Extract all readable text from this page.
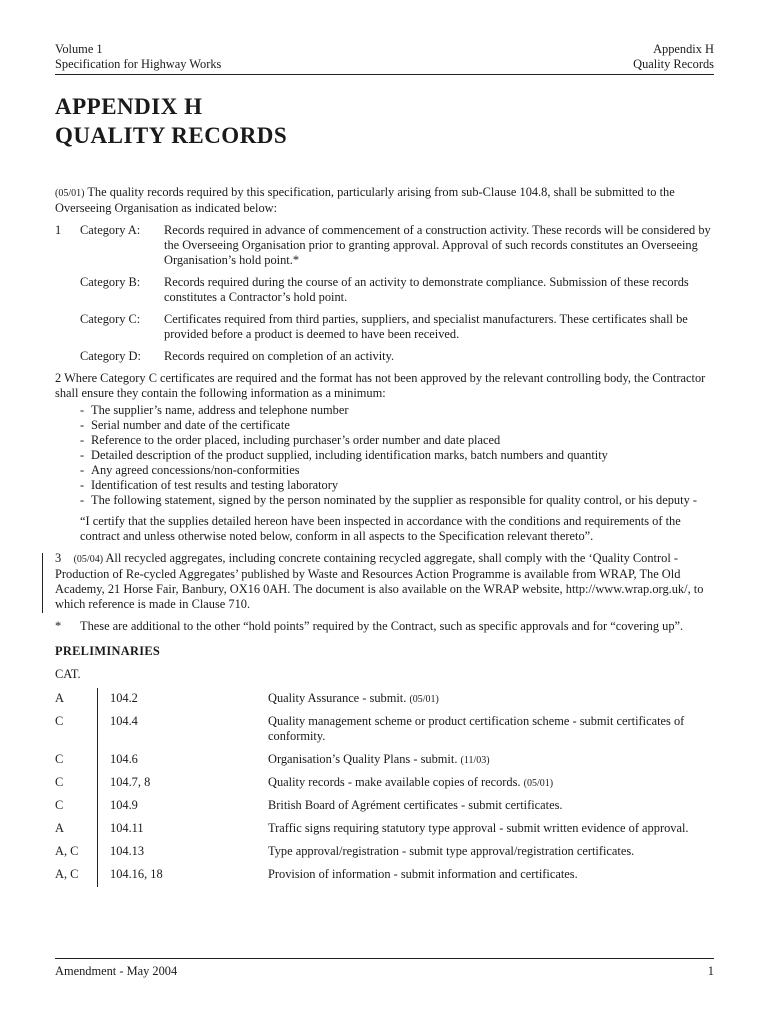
Volume 1
Specification for Highway Works
Appendix H
Quality Records
APPENDIX H
QUALITY RECORDS

(05/01) The quality records required by this specification, particularly arising from sub-Clause 104.8, shall be submitted to the Overseeing Organisation as indicated below:

1 Category A: Records required in advance of commencement of a construction activity. These records will be considered by the Overseeing Organisation prior to granting approval. Approval of such records constitutes an Overseeing Organisation’s hold point.*
Category B: Records required during the course of an activity to demonstrate compliance. Submission of these records constitutes a Contractor’s hold point.
Category C: Certificates required from third parties, suppliers, and specialist manufacturers. These certificates shall be provided before a product is deemed to have been received.
Category D: Records required on completion of an activity.

2 Where Category C certificates are required and the format has not been approved by the relevant controlling body, the Contractor shall ensure they contain the following information as a minimum:

- The supplier’s name, address and telephone number
- Serial number and date of the certificate
- Reference to the order placed, including purchaser’s order number and date placed
- Detailed description of the product supplied, including identification marks, batch numbers and quantity
- Any agreed concessions/non-conformities
- Identification of test results and testing laboratory
- The following statement, signed by the person nominated by the supplier as responsible for quality control, or his deputy -

“I certify that the supplies detailed hereon have been inspected in accordance with the conditions and requirements of the contract and unless otherwise noted below, conform in all aspects to the Specification relevant thereto”.

3 (05/04) All recycled aggregates, including concrete containing recycled aggregate, shall comply with the ‘Quality Control - Production of Re-cycled Aggregates’ published by Waste and Resources Action Programme is available from WRAP, The Old Academy, 21 Horse Fair, Banbury, OX16 0AH. The document is also available on the WRAP website, http://www.wrap.org.uk/, to which reference is made in Clause 710.

* These are additional to the other “hold points” required by the Contract, such as specific approvals and for “covering up”.
PRELIMINARIES
CAT.
A	104.2	Quality Assurance - submit. (05/01)
C	104.4	Quality management scheme or product certification scheme - submit certificates of conformity.
C	104.6	Organisation’s Quality Plans - submit. (11/03)
C	104.7, 8	Quality records - make available copies of records. (05/01)
C	104.9	British Board of Agrément certificates - submit certificates.
A	104.11	Traffic signs requiring statutory type approval - submit written evidence of approval.
A, C	104.13	Type approval/registration - submit type approval/registration certificates.
A, C	104.16, 18	Provision of information - submit information and certificates.
Amendment - May 2004	1
